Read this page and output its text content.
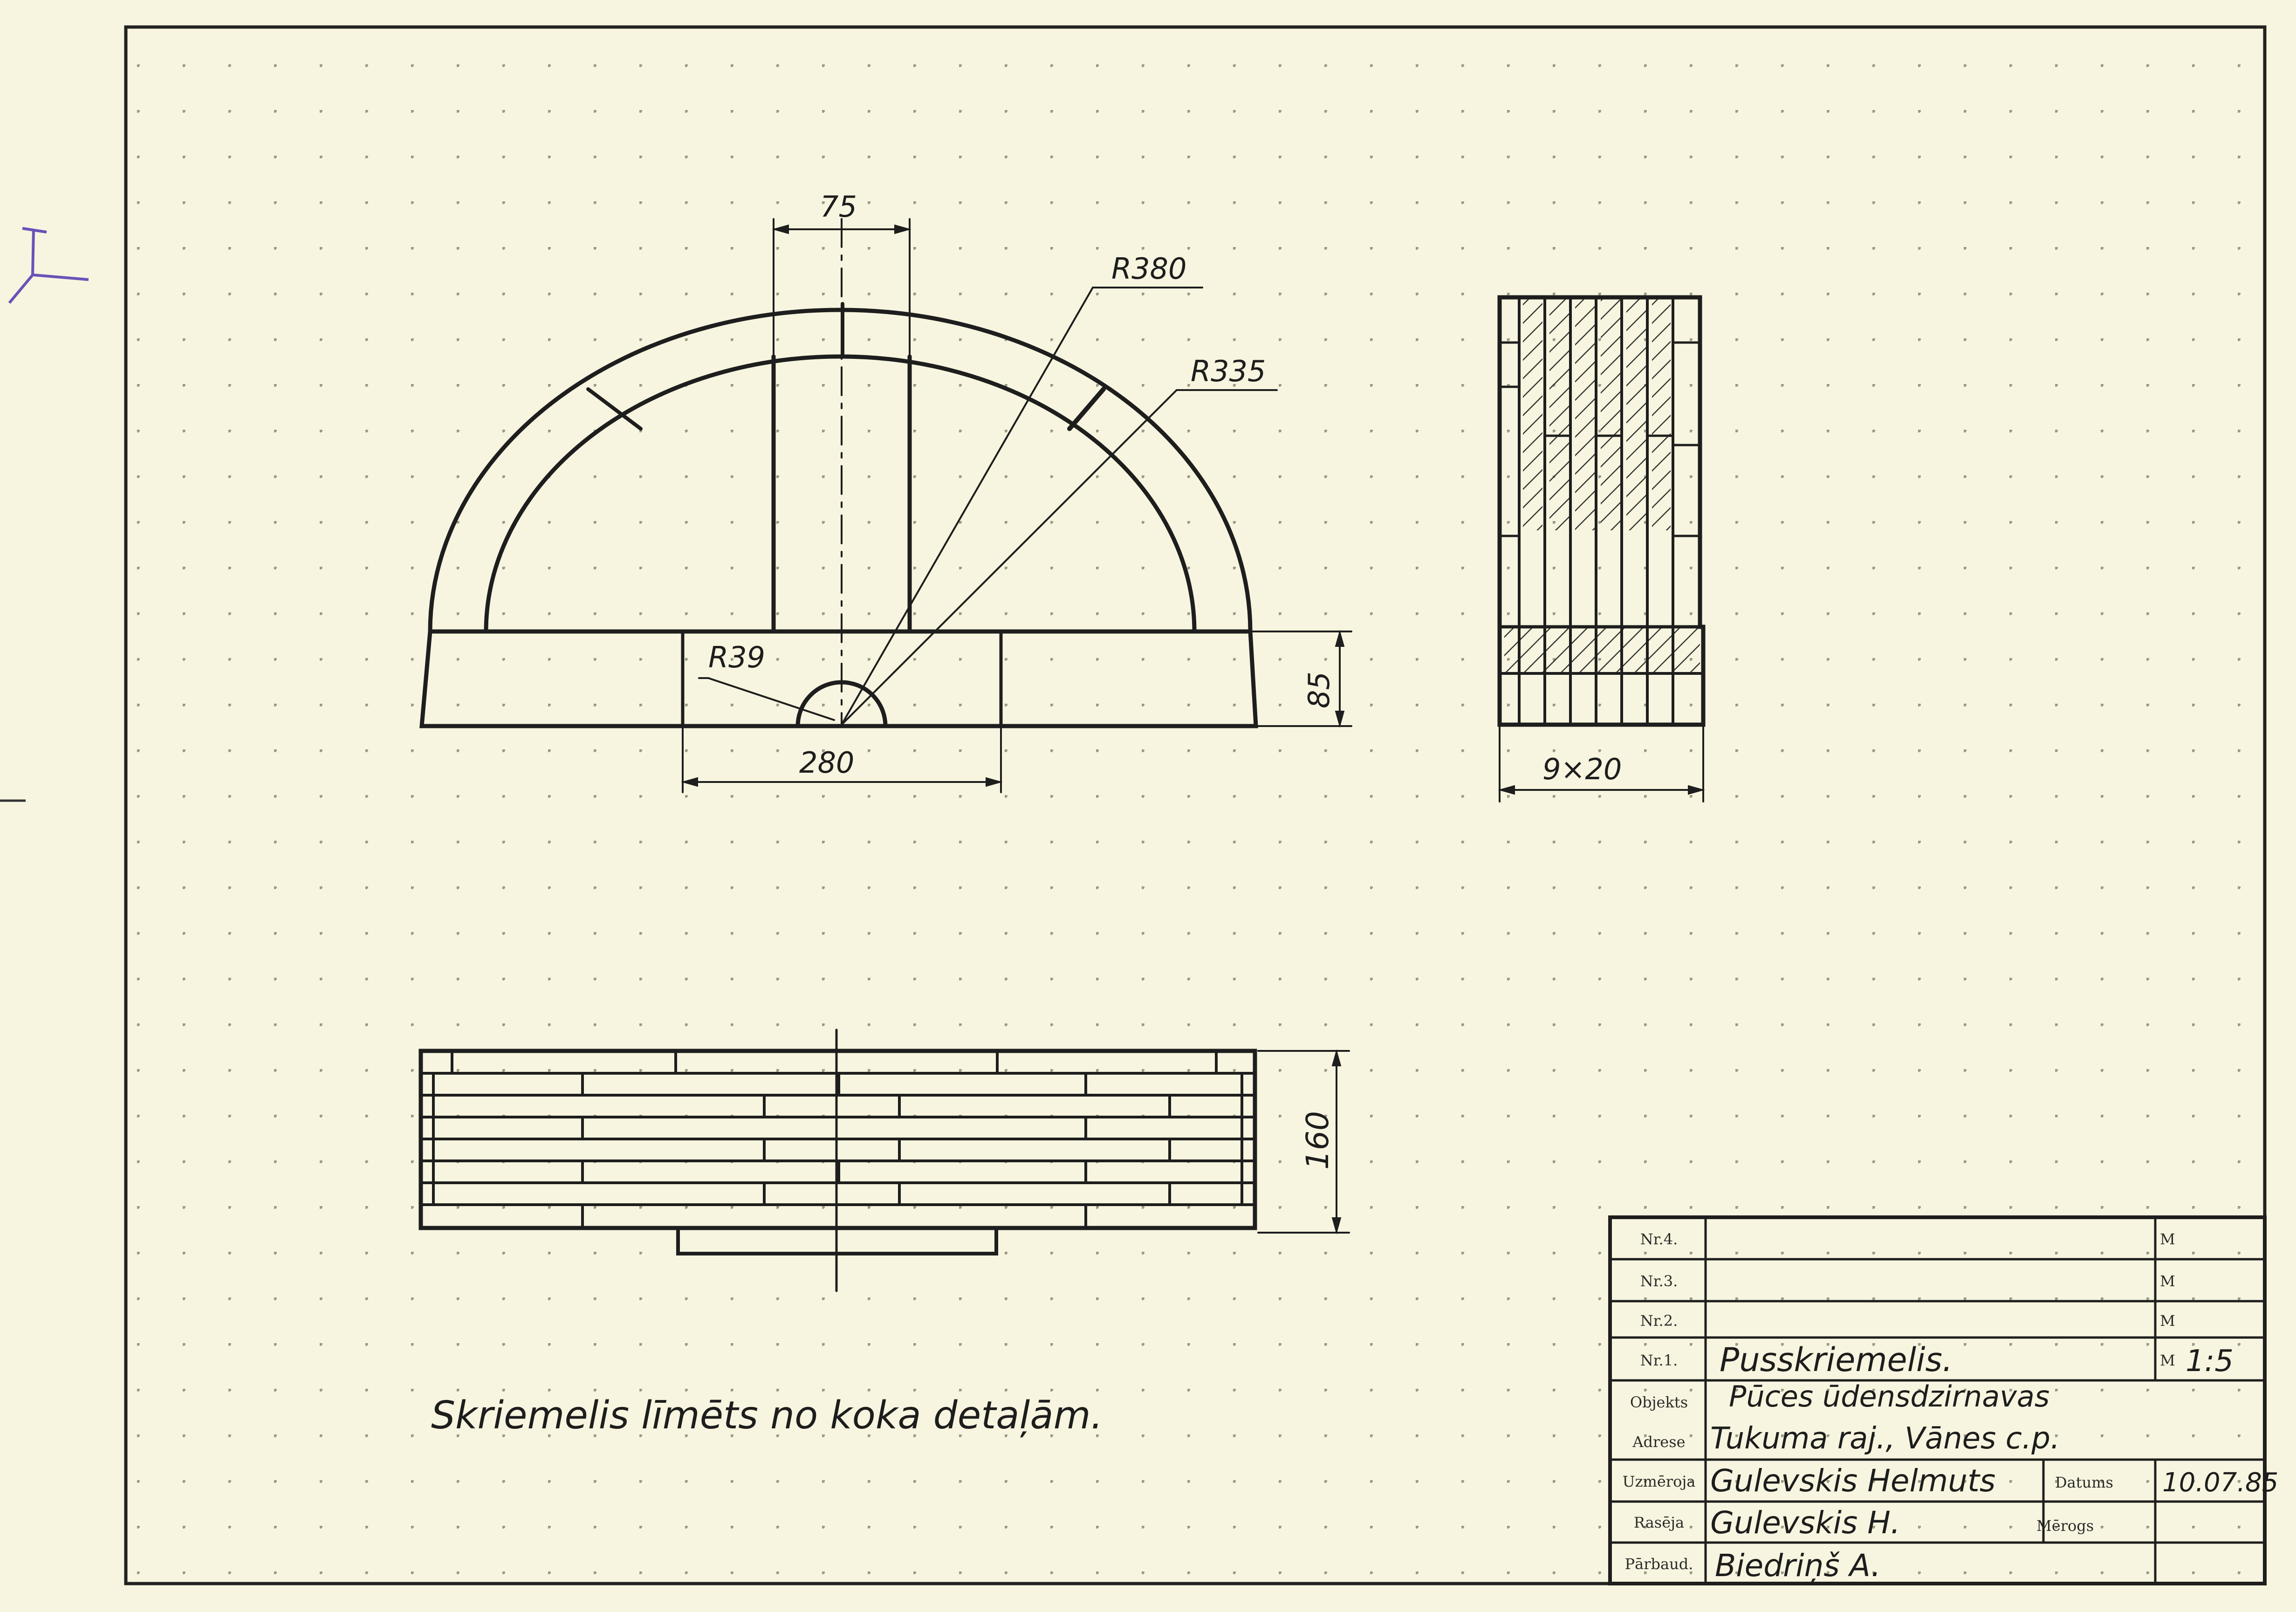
75
R380
R335
R39
280
85
9×20
160
Skriemelis līmēts no koka detaļām.
Nr.4.	M
Nr.3.	M
Nr.2.	M
Nr.1. Pusskriemelis.	M 1:5
Objekts Pūces ūdensdzirnavas
Adrese Tukuma raj., Vānes c.p.
Uzmēroja Gulevskis Helmuts	Datums 10.07.85
Rasēja Gulevskis H.	Mērogs
Pārbaud. Biedriņš A.
